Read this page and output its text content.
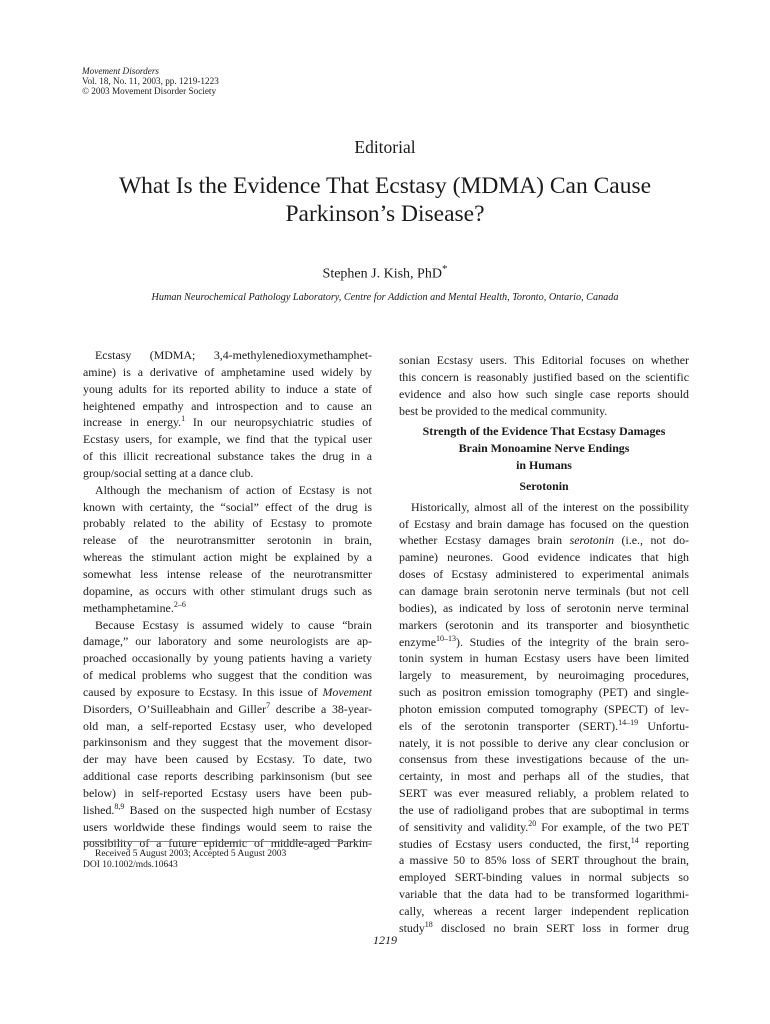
Movement Disorders
Vol. 18, No. 11, 2003, pp. 1219-1223
© 2003 Movement Disorder Society
Editorial
What Is the Evidence That Ecstasy (MDMA) Can Cause
Parkinson’s Disease?
Stephen J. Kish, PhD*
Human Neurochemical Pathology Laboratory, Centre for Addiction and Mental Health, Toronto, Ontario, Canada
Ecstasy (MDMA; 3,4-methylenedioxymethamphet-
amine) is a derivative of amphetamine used widely by
young adults for its reported ability to induce a state of
heightened empathy and introspection and to cause an
increase in energy.$^1$ In our neuropsychiatric studies of
Ecstasy users, for example, we find that the typical user
of this illicit recreational substance takes the drug in a
group/social setting at a dance club.
Although the mechanism of action of Ecstasy is not
known with certainty, the “social” effect of the drug is
probably related to the ability of Ecstasy to promote
release of the neurotransmitter serotonin in brain,
whereas the stimulant action might be explained by a
somewhat less intense release of the neurotransmitter
dopamine, as occurs with other stimulant drugs such as
methamphetamine.$^{2-6}$
Because Ecstasy is assumed widely to cause “brain
damage,” our laboratory and some neurologists are ap-
proached occasionally by young patients having a variety
of medical problems who suggest that the condition was
caused by exposure to Ecstasy. In this issue of Movement
Disorders, O’Suilleabhain and Giller$^7$ describe a 38-year-
old man, a self-reported Ecstasy user, who developed
parkinsonism and they suggest that the movement disor-
der may have been caused by Ecstasy. To date, two
additional case reports describing parkinsonism (but see
below) in self-reported Ecstasy users have been pub-
lished.$^{8,9}$ Based on the suspected high number of Ecstasy
users worldwide these findings would seem to raise the
possibility of a future epidemic of middle-aged Parkin-
sonian Ecstasy users. This Editorial focuses on whether
this concern is reasonably justified based on the scientific
evidence and also how such single case reports should
best be provided to the medical community.
Strength of the Evidence That Ecstasy Damages
Brain Monoamine Nerve Endings
in Humans
Serotonin
Historically, almost all of the interest on the possibility
of Ecstasy and brain damage has focused on the question
whether Ecstasy damages brain serotonin (i.e., not do-
pamine) neurones. Good evidence indicates that high
doses of Ecstasy administered to experimental animals
can damage brain serotonin nerve terminals (but not cell
bodies), as indicated by loss of serotonin nerve terminal
markers (serotonin and its transporter and biosynthetic
enzyme$^{10-13}$). Studies of the integrity of the brain sero-
tonin system in human Ecstasy users have been limited
largely to measurement, by neuroimaging procedures,
such as positron emission tomography (PET) and single-
photon emission computed tomography (SPECT) of lev-
els of the serotonin transporter (SERT).$^{14-19}$ Unfortu-
nately, it is not possible to derive any clear conclusion or
consensus from these investigations because of the un-
certainty, in most and perhaps all of the studies, that
SERT was ever measured reliably, a problem related to
the use of radioligand probes that are suboptimal in terms
of sensitivity and validity.$^{20}$ For example, of the two PET
studies of Ecstasy users conducted, the first,$^{14}$ reporting
a massive 50 to 85% loss of SERT throughout the brain,
employed SERT-binding values in normal subjects so
variable that the data had to be transformed logarithmi-
cally, whereas a recent larger independent replication
study$^{18}$ disclosed no brain SERT loss in former drug
Received 5 August 2003; Accepted 5 August 2003
DOI 10.1002/mds.10643
1219
